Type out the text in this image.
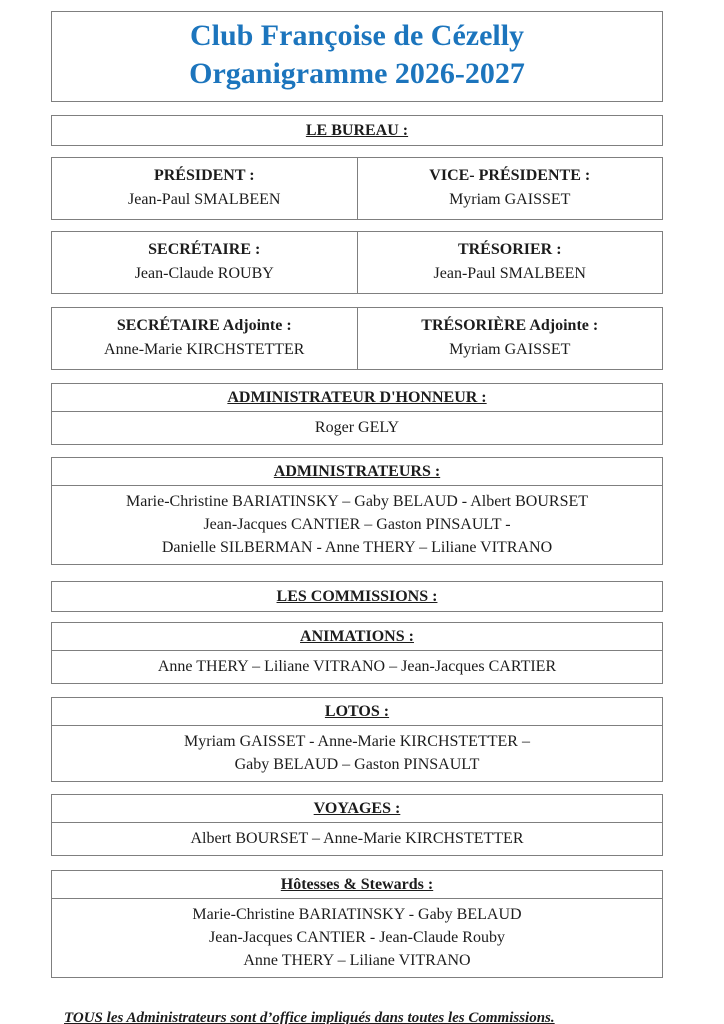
Club Françoise de Cézelly
Organigramme 2026-2027
LE BUREAU :
PRÉSIDENT :
Jean-Paul SMALBEEN
VICE- PRÉSIDENTE :
Myriam GAISSET
SECRÉTAIRE :
Jean-Claude ROUBY
TRÉSORIER :
Jean-Paul SMALBEEN
SECRÉTAIRE Adjointe :
Anne-Marie KIRCHSTETTER
TRÉSORIÈRE Adjointe :
Myriam GAISSET
ADMINISTRATEUR D'HONNEUR :
Roger GELY
ADMINISTRATEURS :
Marie-Christine BARIATINSKY – Gaby BELAUD - Albert BOURSET
Jean-Jacques CANTIER – Gaston PINSAULT -
Danielle SILBERMAN - Anne THERY – Liliane VITRANO
LES COMMISSIONS :
ANIMATIONS :
Anne THERY – Liliane VITRANO – Jean-Jacques CARTIER
LOTOS :
Myriam GAISSET - Anne-Marie KIRCHSTETTER –
Gaby BELAUD – Gaston PINSAULT
VOYAGES :
Albert BOURSET – Anne-Marie KIRCHSTETTER
Hôtesses & Stewards :
Marie-Christine BARIATINSKY - Gaby BELAUD
Jean-Jacques CANTIER - Jean-Claude Rouby
Anne THERY – Liliane VITRANO
TOUS les Administrateurs sont d’office impliqués dans toutes les Commissions.
